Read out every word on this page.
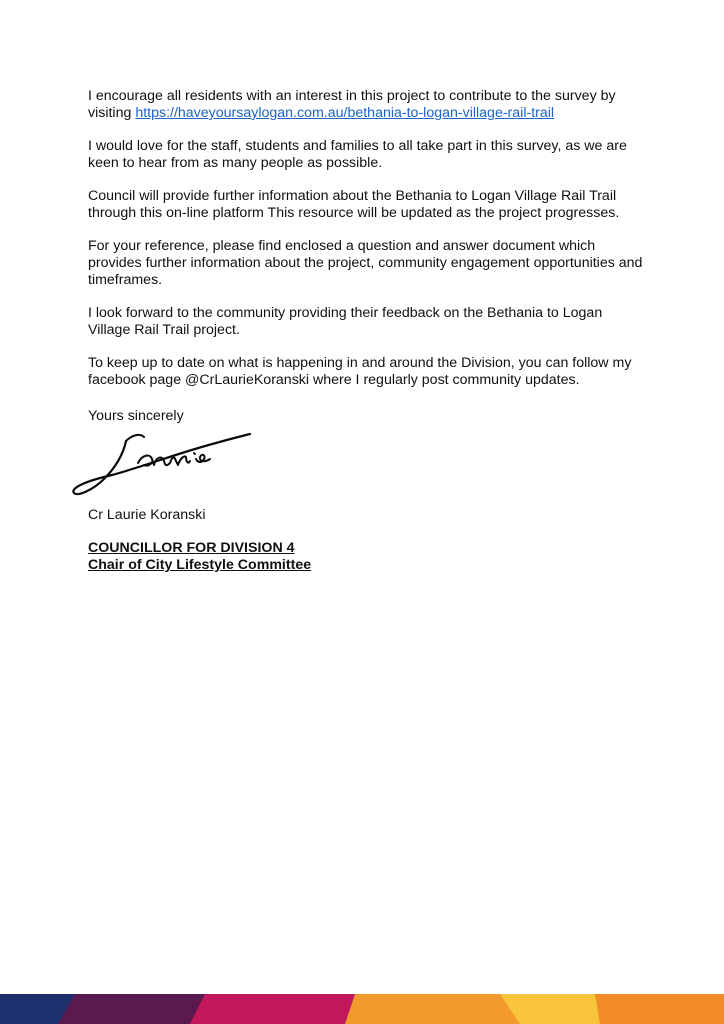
I encourage all residents with an interest in this project to contribute to the survey by visiting https://haveyoursaylogan.com.au/bethania-to-logan-village-rail-trail

I would love for the staff, students and families to all take part in this survey, as we are keen to hear from as many people as possible.

Council will provide further information about the Bethania to Logan Village Rail Trail through this on-line platform This resource will be updated as the project progresses.

For your reference, please find enclosed a question and answer document which provides further information about the project, community engagement opportunities and timeframes.

I look forward to the community providing their feedback on the Bethania to Logan Village Rail Trail project.

To keep up to date on what is happening in and around the Division, you can follow my facebook page @CrLaurieKoranski where I regularly post community updates.

Yours sincerely
Cr Laurie Koranski
COUNCILLOR FOR DIVISION 4
Chair of City Lifestyle Committee
